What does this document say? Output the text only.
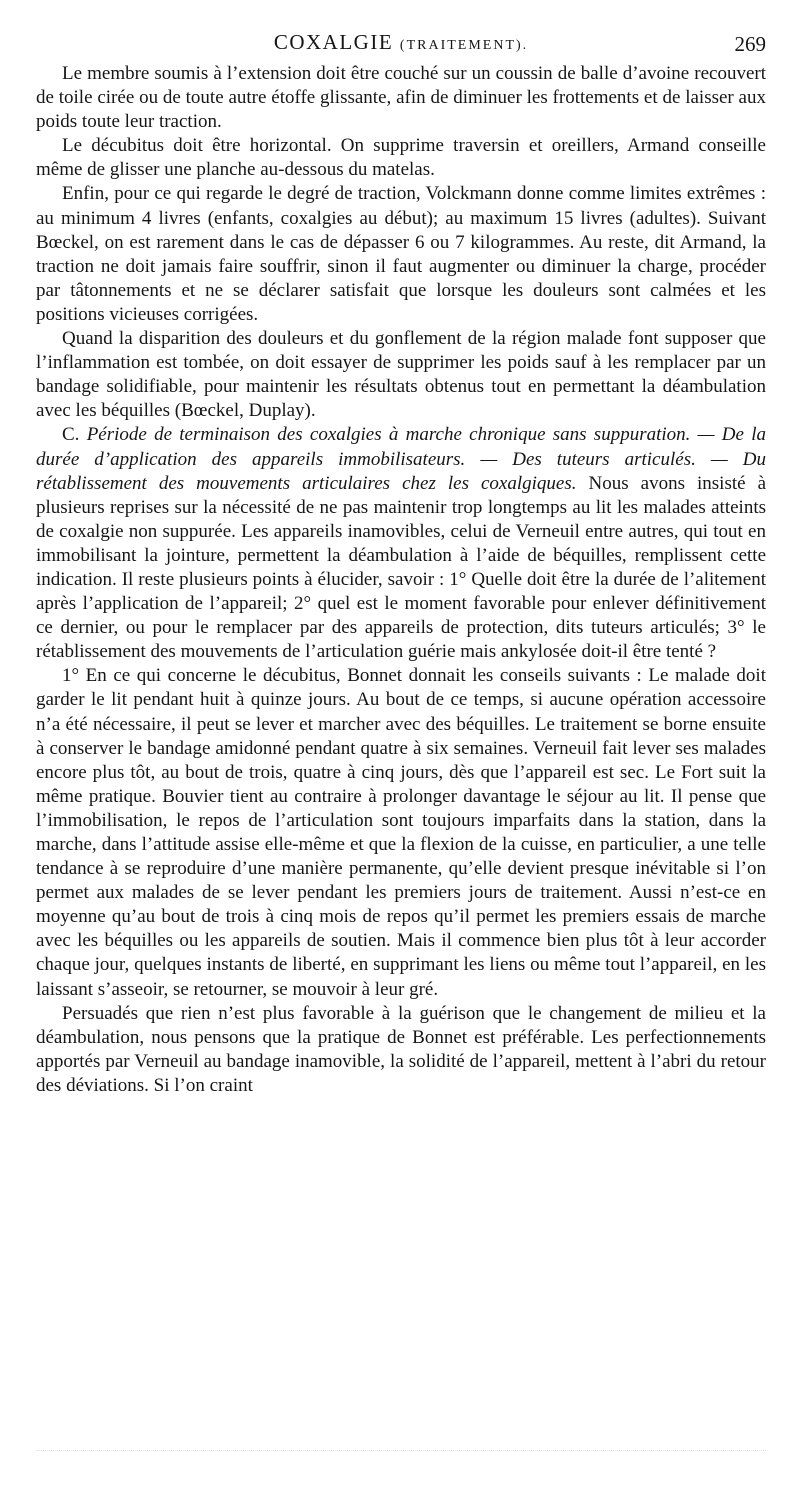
COXALGIE (TRAITEMENT).	269

Le membre soumis à l’extension doit être couché sur un coussin de balle d’avoine recouvert de toile cirée ou de toute autre étoffe glissante, afin de diminuer les frottements et de laisser aux poids toute leur traction.

Le décubitus doit être horizontal. On supprime traversin et oreillers, Armand conseille même de glisser une planche au-dessous du matelas.

Enfin, pour ce qui regarde le degré de traction, Volckmann donne comme limites extrêmes : au minimum 4 livres (enfants, coxalgies au début); au maximum 15 livres (adultes). Suivant Bœckel, on est rarement dans le cas de dépasser 6 ou 7 kilogrammes. Au reste, dit Armand, la traction ne doit jamais faire souffrir, sinon il faut augmenter ou diminuer la charge, procéder par tâtonnements et ne se déclarer satisfait que lorsque les douleurs sont calmées et les positions vicieuses corrigées.

Quand la disparition des douleurs et du gonflement de la région malade font supposer que l’inflammation est tombée, on doit essayer de supprimer les poids sauf à les remplacer par un bandage solidifiable, pour maintenir les résultats obtenus tout en permettant la déambulation avec les béquilles (Bœckel, Duplay).

C. Période de terminaison des coxalgies à marche chronique sans suppuration. — De la durée d’application des appareils immobilisateurs. — Des tuteurs articulés. — Du rétablissement des mouvements articulaires chez les coxalgiques. Nous avons insisté à plusieurs reprises sur la nécessité de ne pas maintenir trop longtemps au lit les malades atteints de coxalgie non suppurée. Les appareils inamovibles, celui de Verneuil entre autres, qui tout en immobilisant la jointure, permettent la déambulation à l’aide de béquilles, remplissent cette indication. Il reste plusieurs points à élucider, savoir : 1° Quelle doit être la durée de l’alitement après l’application de l’appareil; 2° quel est le moment favorable pour enlever définitivement ce dernier, ou pour le remplacer par des appareils de protection, dits tuteurs articulés; 3° le rétablissement des mouvements de l’articulation guérie mais ankylosée doit-il être tenté ?

1° En ce qui concerne le décubitus, Bonnet donnait les conseils suivants : Le malade doit garder le lit pendant huit à quinze jours. Au bout de ce temps, si aucune opération accessoire n’a été nécessaire, il peut se lever et marcher avec des béquilles. Le traitement se borne ensuite à conserver le bandage amidonné pendant quatre à six semaines. Verneuil fait lever ses malades encore plus tôt, au bout de trois, quatre à cinq jours, dès que l’appareil est sec. Le Fort suit la même pratique. Bouvier tient au contraire à prolonger davantage le séjour au lit. Il pense que l’immobilisation, le repos de l’articulation sont toujours imparfaits dans la station, dans la marche, dans l’attitude assise elle-même et que la flexion de la cuisse, en particulier, a une telle tendance à se reproduire d’une manière permanente, qu’elle devient presque inévitable si l’on permet aux malades de se lever pendant les premiers jours de traitement. Aussi n’est-ce en moyenne qu’au bout de trois à cinq mois de repos qu’il permet les premiers essais de marche avec les béquilles ou les appareils de soutien. Mais il commence bien plus tôt à leur accorder chaque jour, quelques instants de liberté, en supprimant les liens ou même tout l’appareil, en les laissant s’asseoir, se retourner, se mouvoir à leur gré.

Persuadés que rien n’est plus favorable à la guérison que le changement de milieu et la déambulation, nous pensons que la pratique de Bonnet est préférable. Les perfectionnements apportés par Verneuil au bandage inamovible, la solidité de l’appareil, mettent à l’abri du retour des déviations. Si l’on craint
